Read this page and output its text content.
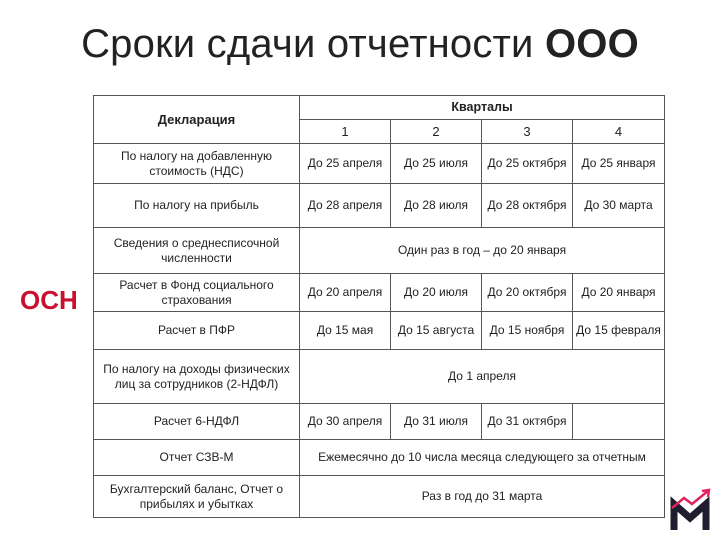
Сроки сдачи отчетности ООО
ОСН
Декларация	Кварталы			
	1	2	3	4
По налогу на добавленную стоимость (НДС)	До 25 апреля	До 25 июля	До 25 октября	До 25 января
По налогу на прибыль	До 28 апреля	До 28 июля	До 28 октября	До 30 марта
Сведения о среднесписочной численности	Один раз в год – до 20 января			
Расчет в Фонд социального страхования	До 20 апреля	До 20 июля	До 20 октября	До 20 января
Расчет в ПФР	До 15 мая	До 15 августа	До 15 ноября	До 15 февраля
По налогу на доходы физических лиц за сотрудников (2-НДФЛ)	До 1 апреля			
Расчет 6-НДФЛ	До 30 апреля	До 31 июля	До 31 октября	
Отчет СЗВ-М	Ежемесячно до 10 числа месяца следующего за отчетным			
Бухгалтерский баланс, Отчет о прибылях и убытках	Раз в год до 31 марта			
